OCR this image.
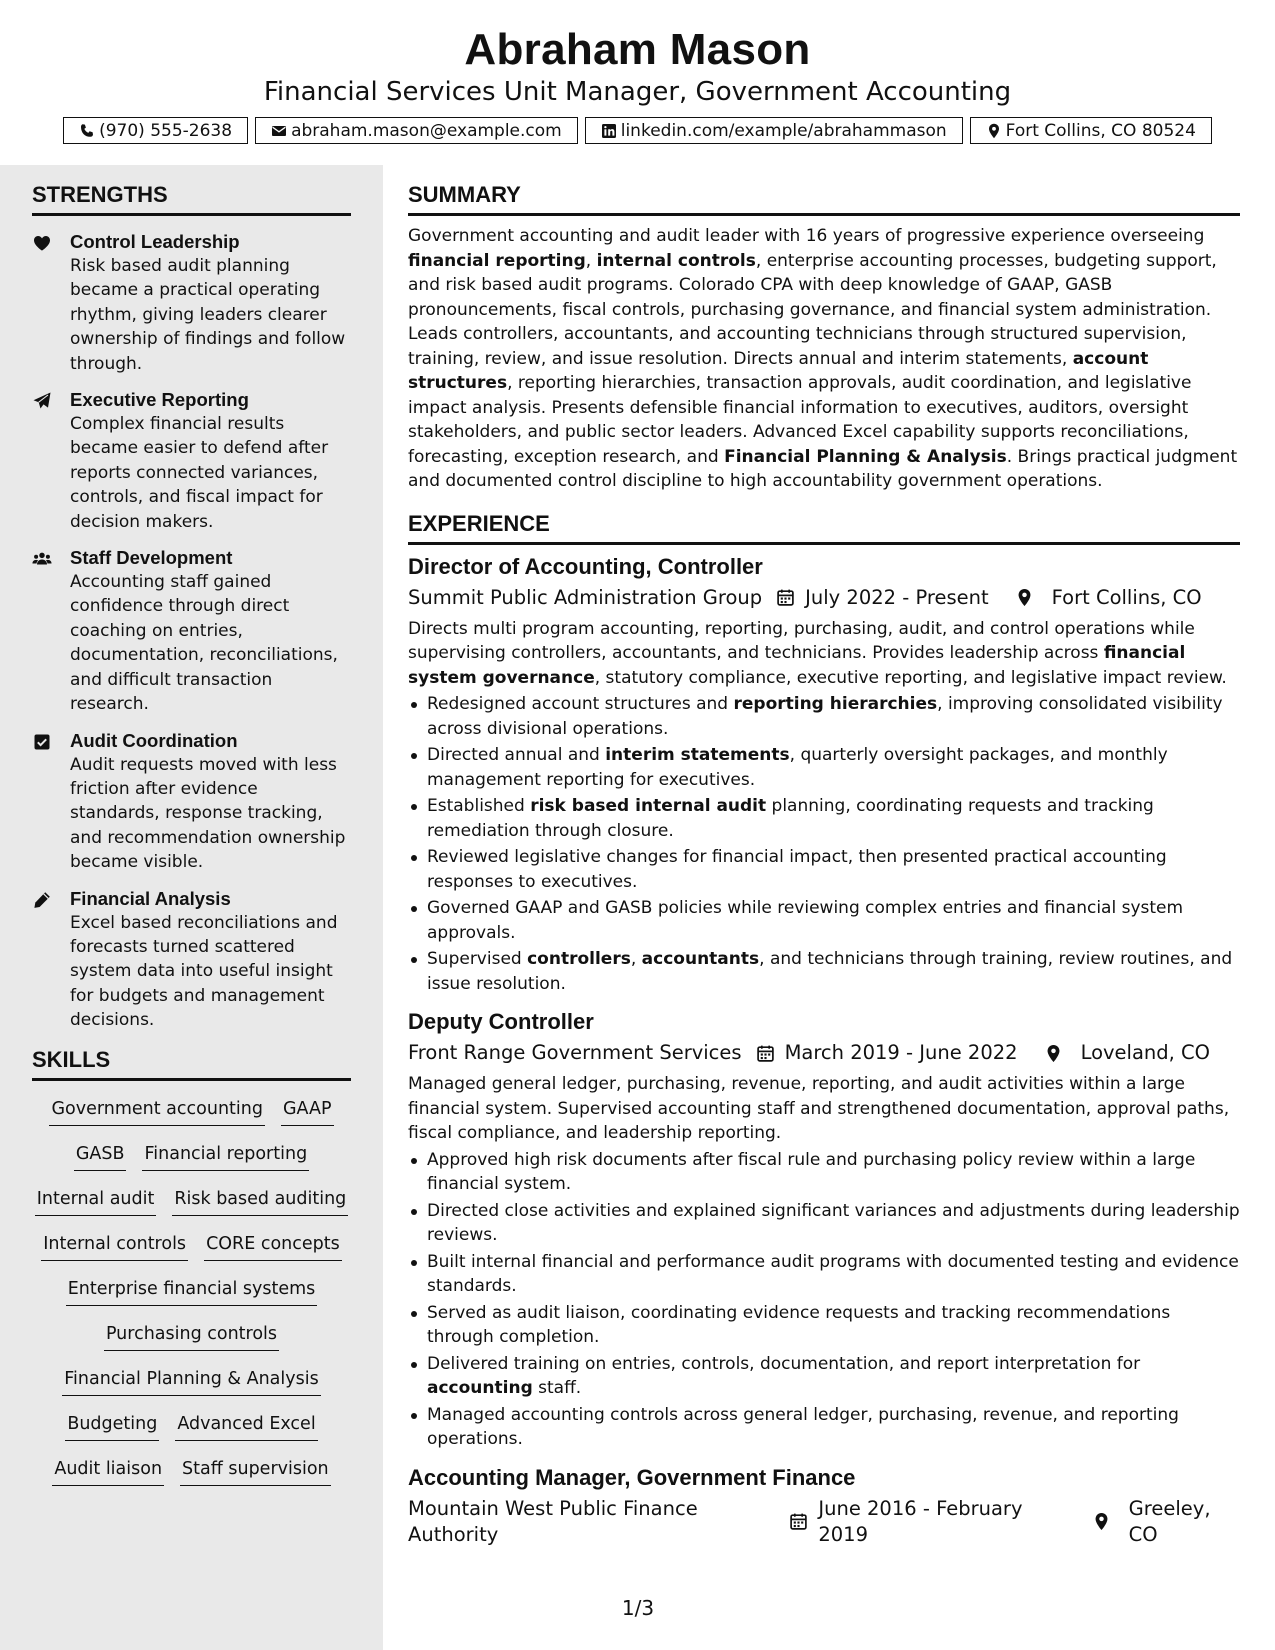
Abraham Mason
Financial Services Unit Manager, Government Accounting
(970) 555-2638	abraham.mason@example.com	linkedin.com/example/abrahammason	Fort Collins, CO 80524
STRENGTHS
Control Leadership
Risk based audit planning became a practical operating rhythm, giving leaders clearer ownership of findings and follow through.
Executive Reporting
Complex financial results became easier to defend after reports connected variances, controls, and fiscal impact for decision makers.
Staff Development
Accounting staff gained confidence through direct coaching on entries, documentation, reconciliations, and difficult transaction research.
Audit Coordination
Audit requests moved with less friction after evidence standards, response tracking, and recommendation ownership became visible.
Financial Analysis
Excel based reconciliations and forecasts turned scattered system data into useful insight for budgets and management decisions.
SKILLS
Government accounting GAAP
GASB Financial reporting
Internal audit Risk based auditing
Internal controls CORE concepts
Enterprise financial systems
Purchasing controls
Financial Planning & Analysis
Budgeting Advanced Excel
Audit liaison Staff supervision
SUMMARY
Government accounting and audit leader with 16 years of progressive experience overseeing financial reporting, internal controls, enterprise accounting processes, budgeting support, and risk based audit programs. Colorado CPA with deep knowledge of GAAP, GASB pronouncements, fiscal controls, purchasing governance, and financial system administration. Leads controllers, accountants, and accounting technicians through structured supervision, training, review, and issue resolution. Directs annual and interim statements, account structures, reporting hierarchies, transaction approvals, audit coordination, and legislative impact analysis. Presents defensible financial information to executives, auditors, oversight stakeholders, and public sector leaders. Advanced Excel capability supports reconciliations, forecasting, exception research, and Financial Planning & Analysis. Brings practical judgment and documented control discipline to high accountability government operations.
EXPERIENCE
Director of Accounting, Controller
Summit Public Administration Group July 2022 - Present	Fort Collins, CO
Directs multi program accounting, reporting, purchasing, audit, and control operations while supervising controllers, accountants, and technicians. Provides leadership across financial system governance, statutory compliance, executive reporting, and legislative impact review.
Redesigned account structures and reporting hierarchies, improving consolidated visibility across divisional operations.
Directed annual and interim statements, quarterly oversight packages, and monthly management reporting for executives.
Established risk based internal audit planning, coordinating requests and tracking remediation through closure.
Reviewed legislative changes for financial impact, then presented practical accounting responses to executives.
Governed GAAP and GASB policies while reviewing complex entries and financial system approvals.
Supervised controllers, accountants, and technicians through training, review routines, and issue resolution.
Deputy Controller
Front Range Government Services March 2019 - June 2022	Loveland, CO
Managed general ledger, purchasing, revenue, reporting, and audit activities within a large financial system. Supervised accounting staff and strengthened documentation, approval paths, fiscal compliance, and leadership reporting.
Approved high risk documents after fiscal rule and purchasing policy review within a large financial system.
Directed close activities and explained significant variances and adjustments during leadership reviews.
Built internal financial and performance audit programs with documented testing and evidence standards.
Served as audit liaison, coordinating evidence requests and tracking recommendations through completion.
Delivered training on entries, controls, documentation, and report interpretation for accounting staff.
Managed accounting controls across general ledger, purchasing, revenue, and reporting operations.
Accounting Manager, Government Finance
Mountain West Public Finance Authority
June 2016 - February 2019
Greeley, CO
1/3
